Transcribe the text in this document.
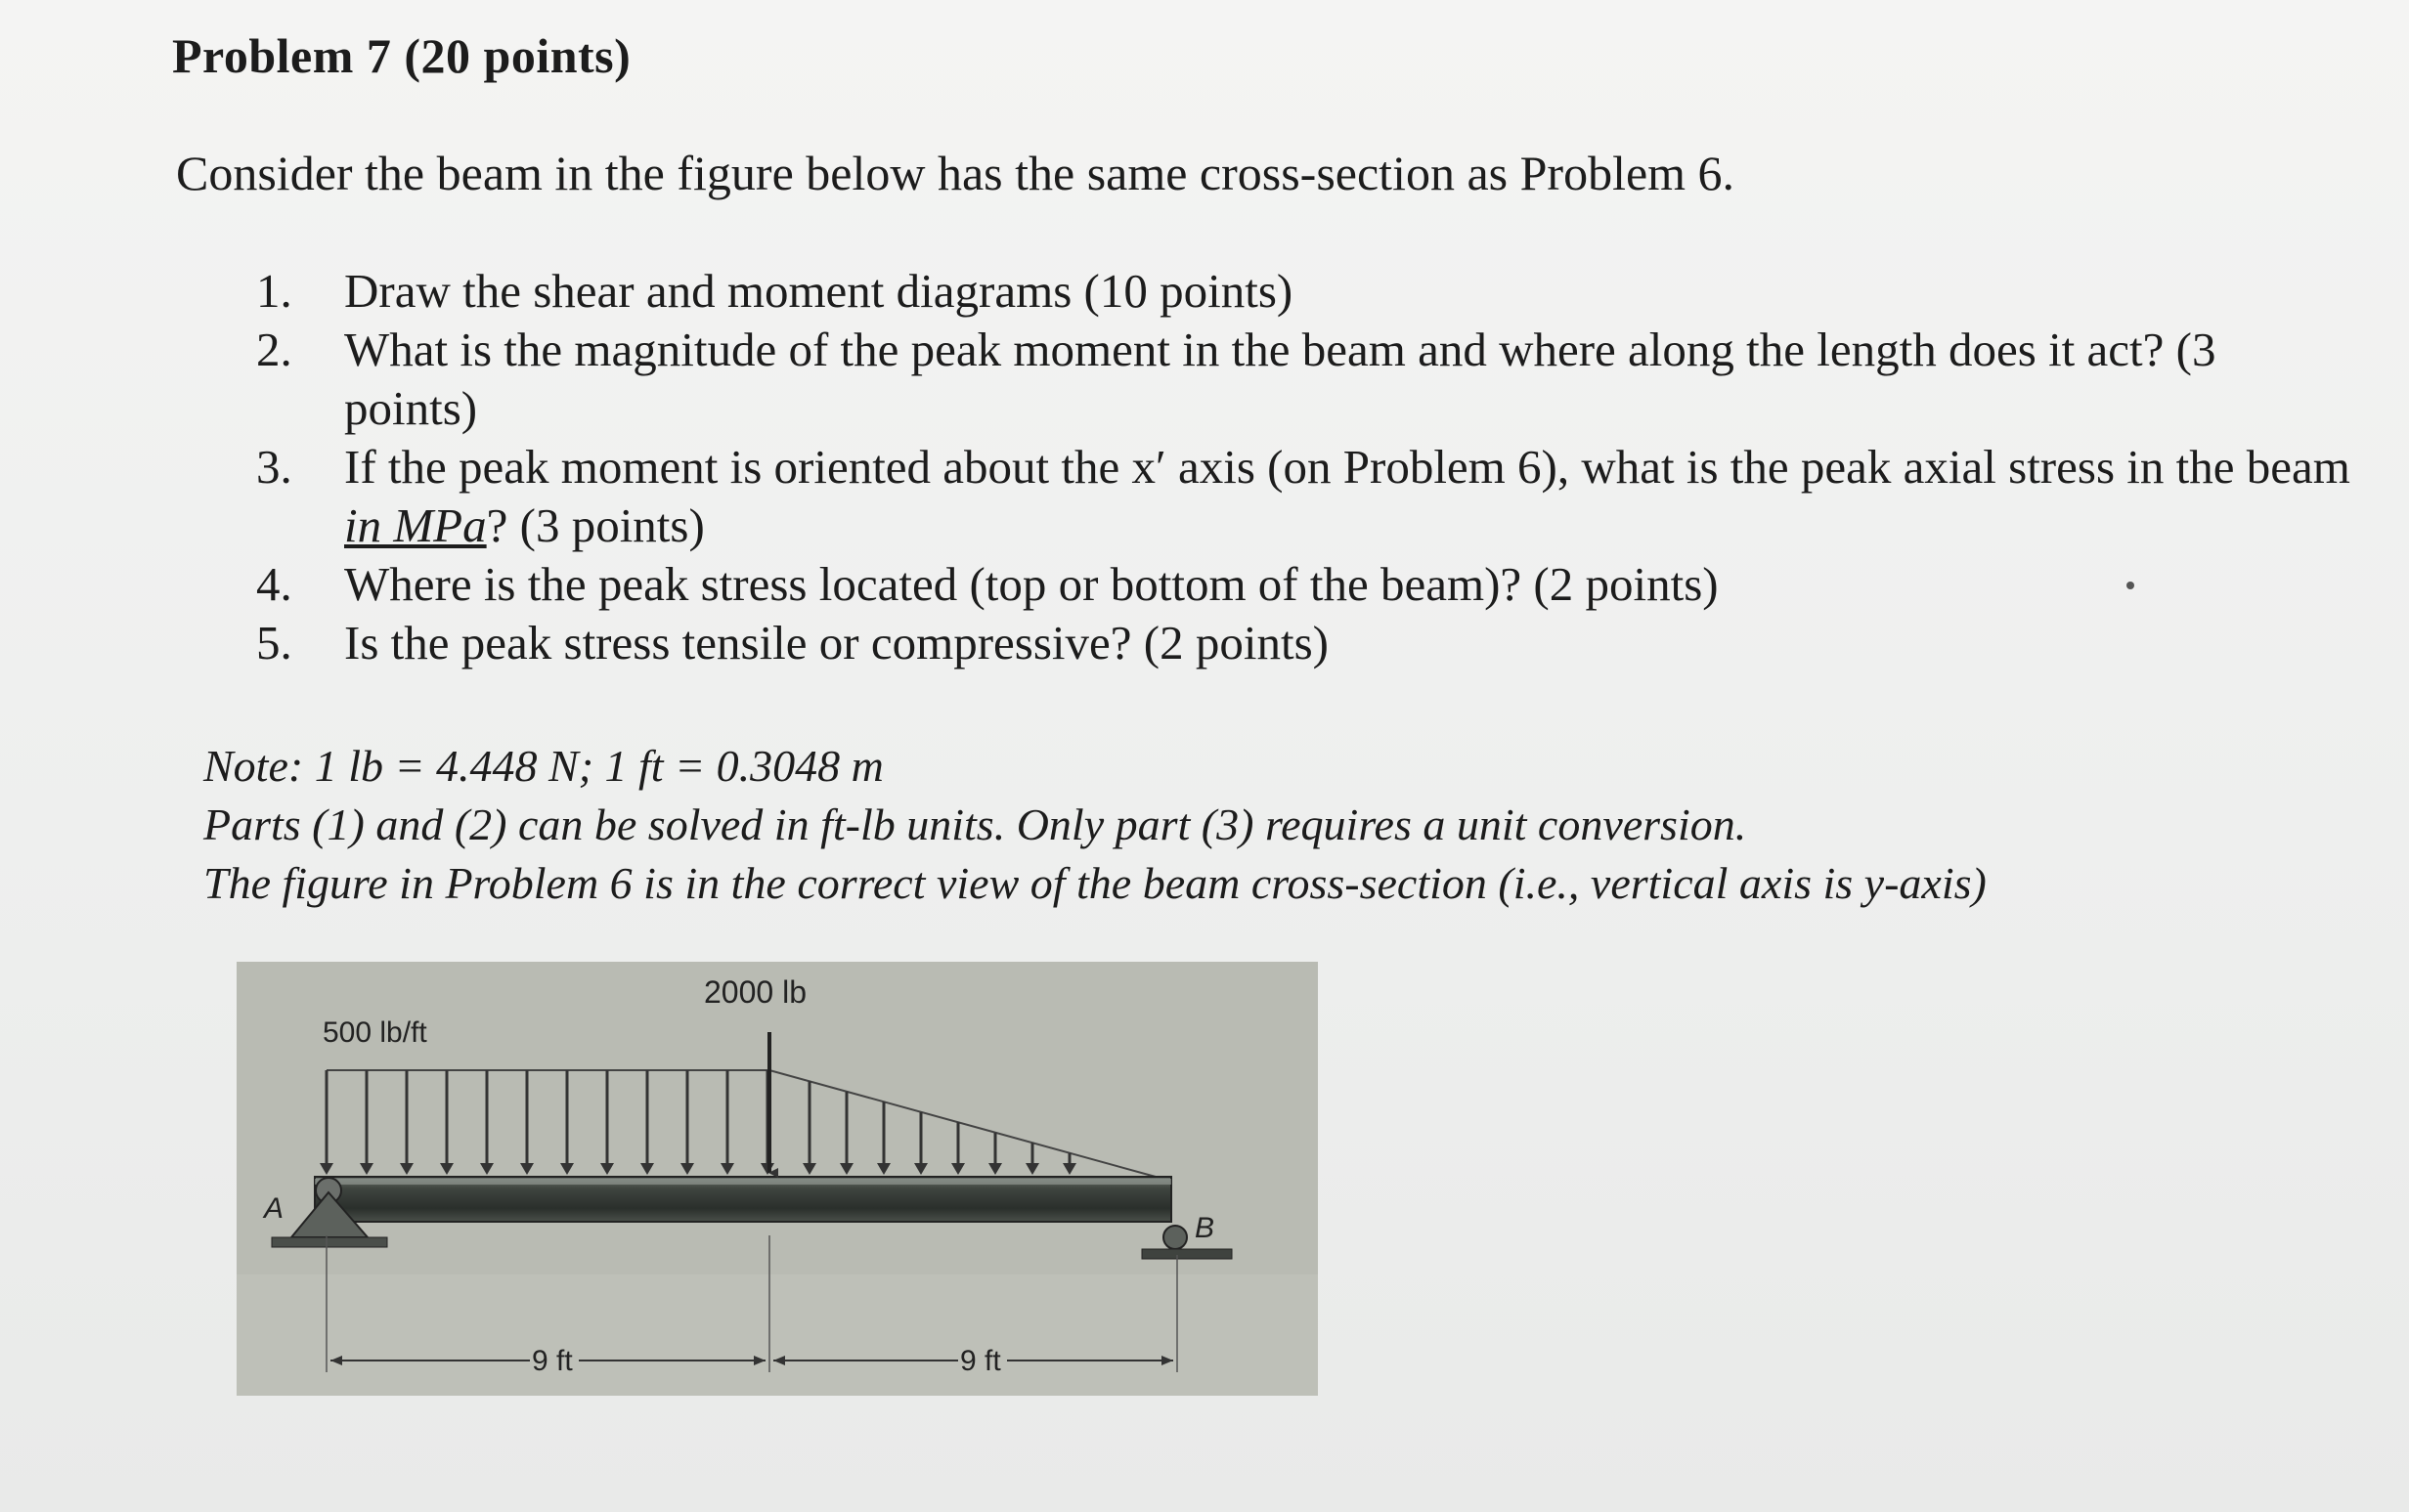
Problem 7 (20 points)
Consider the beam in the figure below has the same cross-section as Problem 6.
1.	Draw the shear and moment diagrams (10 points)
2.	What is the magnitude of the peak moment in the beam and where along the length does it act? (3 points)
3.	If the peak moment is oriented about the x′ axis (on Problem 6), what is the peak axial stress in the beam in MPa? (3 points)
4.	Where is the peak stress located (top or bottom of the beam)? (2 points)
5.	Is the peak stress tensile or compressive? (2 points)
Note: 1 lb = 4.448 N; 1 ft = 0.3048 m
Parts (1) and (2) can be solved in ft-lb units. Only part (3) requires a unit conversion.
The figure in Problem 6 is in the correct view of the beam cross-section (i.e., vertical axis is y-axis)
A
B
2000 lb
500 lb/ft
9 ft	9 ft
